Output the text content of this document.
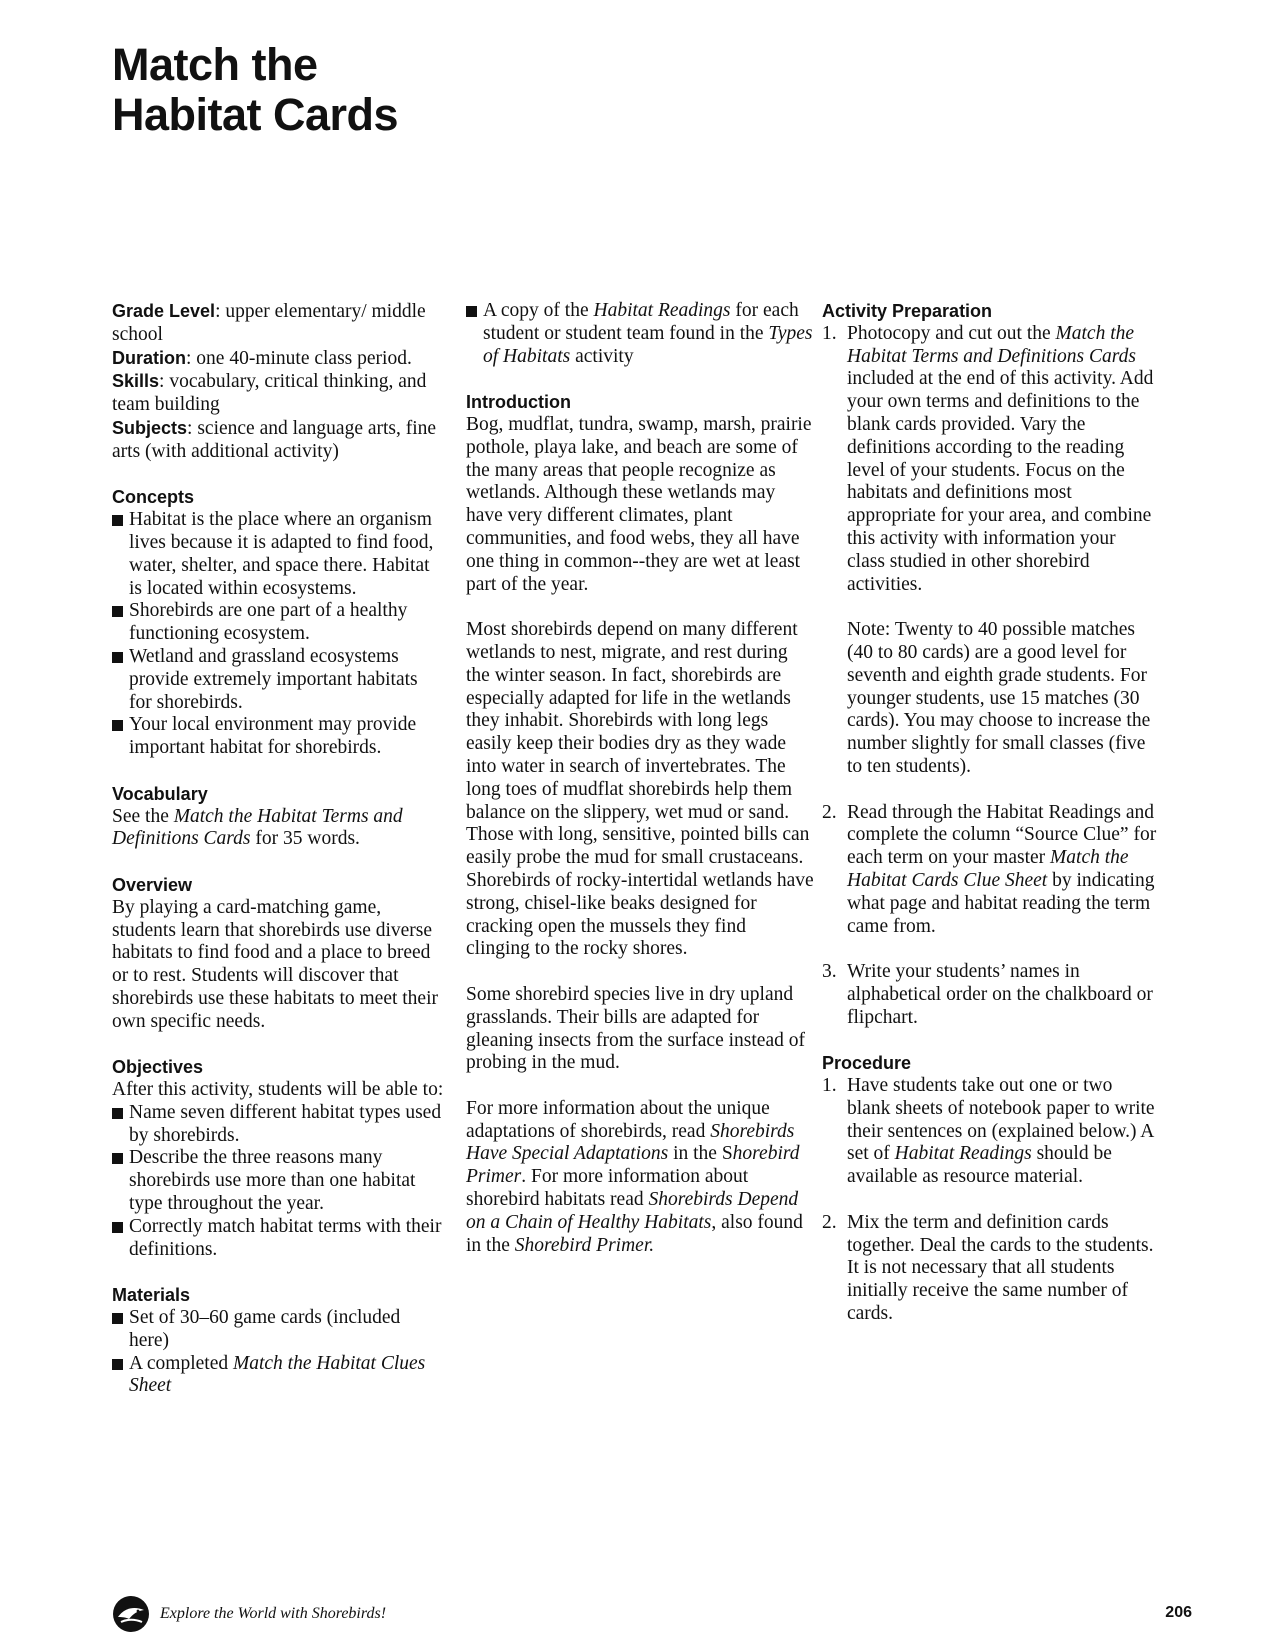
Match the
Habitat Cards

Grade Level: upper elementary/ middle school

Duration: one 40-minute class period.

Skills: vocabulary, critical thinking, and team building

Subjects: science and language arts, fine arts (with additional activity)

Concepts
Habitat is the place where an organism lives because it is adapted to find food, water, shelter, and space there. Habitat is located within ecosystems.
Shorebirds are one part of a healthy functioning ecosystem.
Wetland and grassland ecosystems provide extremely important habitats for shorebirds.
Your local environment may provide important habitat for shorebirds.
Vocabulary

See the Match the Habitat Terms and Definitions Cards for 35 words.

Overview

By playing a card-matching game, students learn that shorebirds use diverse habitats to find food and a place to breed or to rest. Students will discover that shorebirds use these habitats to meet their own specific needs.

Objectives

After this activity, students will be able to:

Name seven different habitat types used by shorebirds.
Describe the three reasons many shorebirds use more than one habitat type throughout the year.
Correctly match habitat terms with their definitions.
Materials
Set of 30–60 game cards (included here)
A completed Match the Habitat Clues Sheet
A copy of the Habitat Readings for each student or student team found in the Types of Habitats activity
Introduction

Bog, mudflat, tundra, swamp, marsh, prairie pothole, playa lake, and beach are some of the many areas that people recognize as wetlands. Although these wetlands may have very different climates, plant communities, and food webs, they all have one thing in common--they are wet at least part of the year.

Most shorebirds depend on many different wetlands to nest, migrate, and rest during the winter season. In fact, shorebirds are especially adapted for life in the wetlands they inhabit. Shorebirds with long legs easily keep their bodies dry as they wade into water in search of invertebrates. The long toes of mudflat shorebirds help them balance on the slippery, wet mud or sand. Those with long, sensitive, pointed bills can easily probe the mud for small crustaceans. Shorebirds of rocky-intertidal wetlands have strong, chisel-like beaks designed for cracking open the mussels they find clinging to the rocky shores.

Some shorebird species live in dry upland grasslands. Their bills are adapted for gleaning insects from the surface instead of probing in the mud.

For more information about the unique adaptations of shorebirds, read Shorebirds Have Special Adaptations in the Shorebird Primer. For more information about shorebird habitats read Shorebirds Depend on a Chain of Healthy Habitats, also found in the Shorebird Primer.

Activity Preparation
1. Photocopy and cut out the Match the Habitat Terms and Definitions Cards included at the end of this activity. Add your own terms and definitions to the blank cards provided. Vary the definitions according to the reading level of your students. Focus on the habitats and definitions most appropriate for your area, and combine this activity with information your class studied in other shorebird activities.

Note: Twenty to 40 possible matches (40 to 80 cards) are a good level for seventh and eighth grade students. For younger students, use 15 matches (30 cards). You may choose to increase the number slightly for small classes (five to ten students).

2. Read through the Habitat Readings and complete the column “Source Clue” for each term on your master Match the Habitat Cards Clue Sheet by indicating what page and habitat reading the term came from.
3. Write your students’ names in alphabetical order on the chalkboard or flipchart.
Procedure
1. Have students take out one or two blank sheets of notebook paper to write their sentences on (explained below.) A set of Habitat Readings should be available as resource material.
2. Mix the term and definition cards together. Deal the cards to the students. It is not necessary that all students initially receive the same number of cards.
Explore the World with Shorebirds!	206
